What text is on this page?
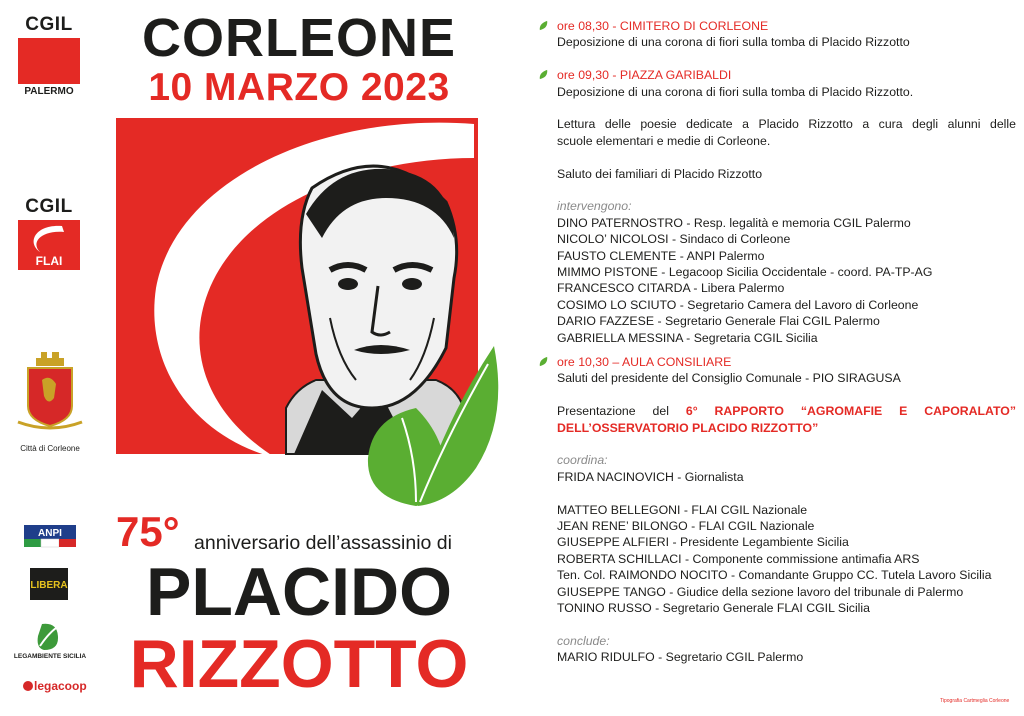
CGIL
PALERMO
CGIL
FLAI
Città di Corleone
ANPI
LIBERA
LEGAMBIENTE SICILIA
legacoop
CORLEONE
10 MARZO 2023
75° anniversario dell’assassinio di
PLACIDO
RIZZOTTO
ore 08,30 - CIMITERO DI CORLEONE
Deposizione di una corona di fiori sulla tomba di Placido Rizzotto
ore 09,30 - PIAZZA GARIBALDI
Deposizione di una corona di fiori sulla tomba di Placido Rizzotto.
Lettura delle poesie dedicate a Placido Rizzotto a cura degli alunni delle
scuole elementari e medie di Corleone.
Saluto dei familiari di Placido Rizzotto
intervengono:
DINO PATERNOSTRO - Resp. legalità e memoria CGIL Palermo
NICOLO’ NICOLOSI - Sindaco di Corleone
FAUSTO CLEMENTE - ANPI Palermo
MIMMO PISTONE - Legacoop Sicilia Occidentale - coord. PA-TP-AG
FRANCESCO CITARDA - Libera Palermo
COSIMO LO SCIUTO - Segretario Camera del Lavoro di Corleone
DARIO FAZZESE - Segretario Generale Flai CGIL Palermo
GABRIELLA MESSINA - Segretaria CGIL Sicilia
ore 10,30 – AULA CONSILIARE
Saluti del presidente del Consiglio Comunale - PIO SIRAGUSA
Presentazione del 6° RAPPORTO “AGROMAFIE E CAPORALATO”
DELL’OSSERVATORIO PLACIDO RIZZOTTO”
coordina:
FRIDA NACINOVICH - Giornalista
MATTEO BELLEGONI - FLAI CGIL Nazionale
JEAN RENE’ BILONGO - FLAI CGIL Nazionale
GIUSEPPE ALFIERI - Presidente Legambiente Sicilia
ROBERTA SCHILLACI - Componente commissione antimafia ARS
Ten. Col. RAIMONDO NOCITO - Comandante Gruppo CC. Tutela Lavoro Sicilia
GIUSEPPE TANGO - Giudice della sezione lavoro del tribunale di Palermo
TONINO RUSSO - Segretario Generale FLAI CGIL Sicilia
conclude:
MARIO RIDULFO - Segretario CGIL Palermo
Tipografia Cartmeglia Corleone
